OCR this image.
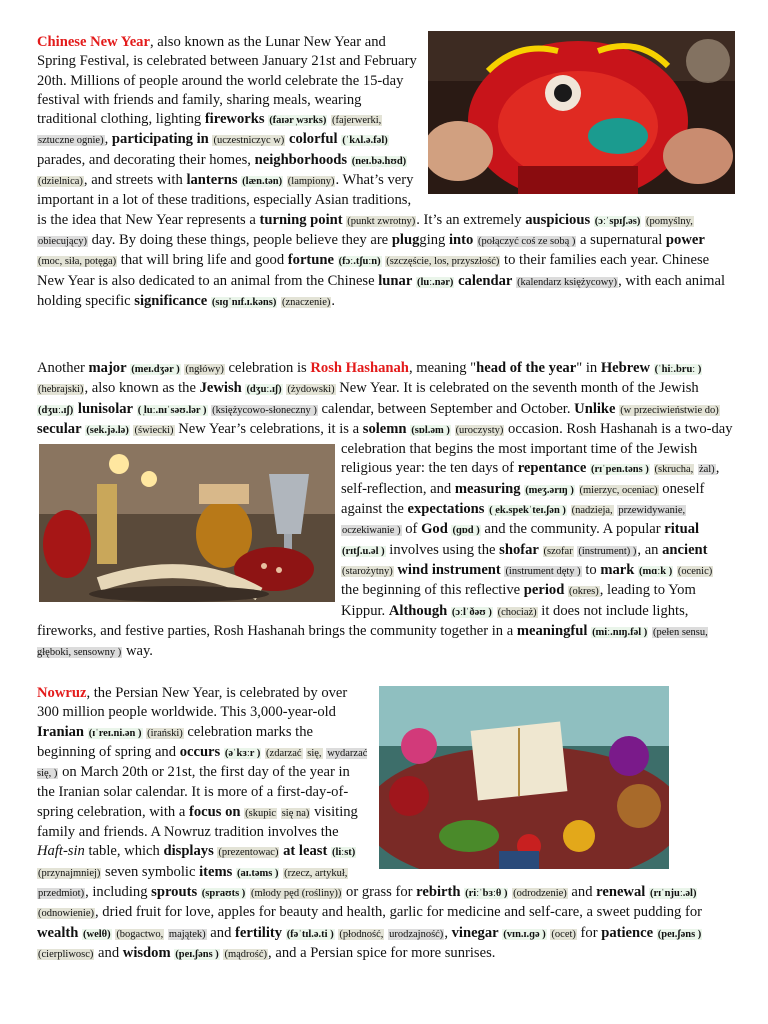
Chinese New Year, also known as the Lunar New Year and Spring Festival, is celebrated between January 21st and February 20th. Millions of people around the world celebrate the 15-day festival with friends and family, sharing meals, wearing traditional clothing, lighting fireworks (faɪər ̩wɜrks) (fajerwerki, sztuczne ognie), participating in (uczestniczyc w) colorful (ˈkʌl.ə.fəl) parades, and decorating their homes, neighborhoods (neɪ.bə.hʊd) (dzielnica), and streets with lanterns (læn.tən) (lampiony). What’s very important in a lot of these traditions, especially Asian traditions, is the idea that New Year represents a turning point (punkt zwrotny). It’s an extremely auspicious (ɔːˈspɪʃ.əs) (pomyślny, obiecujący) day. By doing these things, people believe they are plugging into (połączyć coś ze sobą ) a supernatural power (moc, siła, potęga) that will bring life and good fortune (fɔː.tʃuːn) (szczęście, los, przyszłość) to their families each year. Chinese New Year is also dedicated to an animal from the Chinese lunar (luː.nər) calendar (kalendarz księżycowy), with each animal holding specific significance (sɪɡˈnɪf.ɪ.kəns) (znaczenie).
Another major (meɪ.dʒər ) (ngłówy) celebration is Rosh Hashanah, meaning "head of the year" in Hebrew (ˈhiː.bruː ) (hebrajski), also known as the Jewish (dʒuː.ɪʃ) (żydowski) New Year. It is celebrated on the seventh month of the Jewish (dʒuː.ɪʃ) lunisolar ( ̩luː.nɪˈsəʊ.lər ) (księżycowo-słoneczny ) calendar, between September and October. Unlike (w przeciwieństwie do) secular (sek.jə.lə) (świecki) New Year’s celebrations, it is a solemn (sɒl.əm ) (uroczysty)
occasion. Rosh Hashanah is a two-day celebration that begins the most important time of the Jewish religious year: the ten days of repentance (rɪˈpen.təns ) (skrucha, żal), self-reflection, and measuring (meʒ.ərɪŋ ) (mierzyc, oceniac) oneself against the expectations ( ̩ek.spekˈteɪ.ʃən ) (nadzieja, przewidywanie, oczekiwanie ) of God (ɡɒd ) and the community. A popular ritual (rɪtʃ.u.əl ) involves using the shofar (szofar (instrument) ), an ancient (starożytny) wind instrument (instrument dęty ) to mark (mɑːk ) (ocenic) the beginning of this reflective period (okres), leading to Yom Kippur. Although (ɔːlˈðəʊ ) (chociaż) it does not include lights, fireworks, and festive parties, Rosh Hashanah brings the community together in a meaningful (miː.nɪŋ.fəl ) (pełen sensu, głęboki, sensowny ) way.
Nowruz, the Persian New Year, is celebrated by over 300 million people worldwide. This 3,000-year-old Iranian (ɪˈreɪ.ni.ən ) (irański) celebration marks the beginning of spring and occurs (əˈkɜːr ) (zdarzać się, wydarzać się, ) on March 20th or 21st, the first day of the year in the Iranian solar calendar. It is more of a first-day-of-spring celebration, with a focus on (skupic się na) visiting family and friends. A Nowruz tradition involves the Haft-sin table, which displays (prezentowac) at least (liːst) (przynajmniej) seven symbolic items (aɪ.təms ) (rzecz, artykuł, przedmiot), including sprouts (spraʊts ) (młody pęd (rośliny)) or grass for rebirth (riːˈbɜːθ ) (odrodzenie) and renewal (rɪˈnjuː.əl) (odnowienie), dried fruit for love, apples for beauty and health, garlic for medicine and self-care, a sweet pudding for wealth (welθ) (bogactwo, majątek) and fertility (fəˈtɪl.ə.ti ) (płodność, urodzajność), vinegar (vɪn.ɪ.ɡə ) (ocet) for patience (peɪ.ʃəns ) (cierpliwosc) and wisdom (peɪ.ʃəns ) (mądrość), and a Persian spice for more sunrises.
